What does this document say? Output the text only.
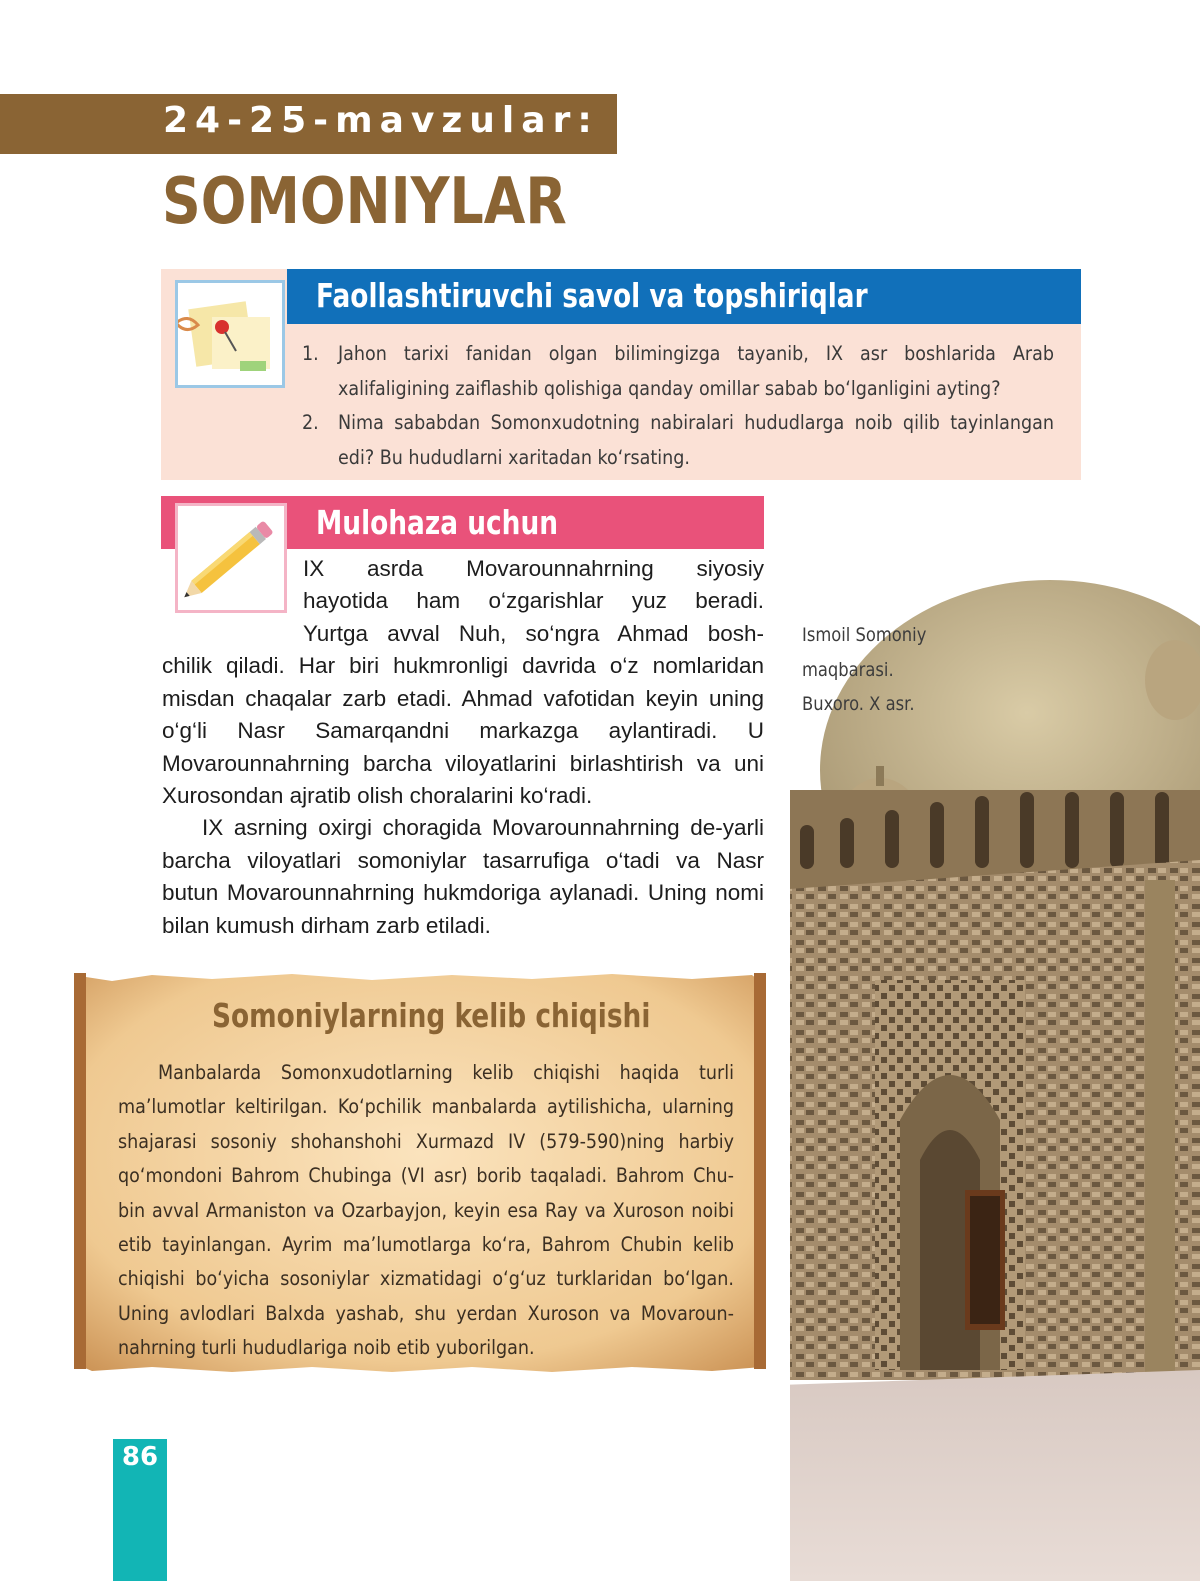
24-25-mavzular:
SOMONIYLAR
Faollashtiruvchi savol va topshiriqlar
1. Jahon tarixi fanidan olgan bilimingizga tayanib, IX asr boshlarida Arab xalifaligining zaiflashib qolishiga qanday omillar sabab bo‘lganligini ayting?
2. Nima sababdan Somonxudotning nabiralari hududlarga noib qilib tayinlangan edi? Bu hududlarni xaritadan ko‘rsating.
Mulohaza uchun
IX asrda Movarounnahrning siyosiy
hayotida ham o‘zgarishlar yuz beradi.
Yurtga avval Nuh, so‘ngra Ahmad bosh-
chilik qiladi. Har biri hukmronligi davrida o‘z nomlaridan misdan chaqalar zarb etadi. Ahmad vafotidan keyin uning o‘g‘li Nasr Samarqandni markazga aylantiradi. U Movarounnahrning barcha viloyatlarini birlashtirish va uni Xurosondan ajratib olish choralarini ko‘radi.
IX asrning oxirgi choragida Movarounnahrning de-yarli barcha viloyatlari somoniylar tasarrufiga o‘tadi va Nasr butun Movarounnahrning hukmdoriga aylanadi. Uning nomi bilan kumush dirham zarb etiladi.
Ismoil Somoniy
maqbarasi.
Buxoro. X asr.
Somoniylarning kelib chiqishi
Manbalarda Somonxudotlarning kelib chiqishi haqida turli ma’lumotlar keltirilgan. Ko‘pchilik manbalarda aytilishicha, ularning shajarasi sosoniy shohanshohi Xurmazd IV (579-590)ning harbiy qo‘mondoni Bahrom Chubinga (VI asr) borib taqaladi. Bahrom Chu-bin avval Armaniston va Ozarbayjon, keyin esa Ray va Xuroson noibi etib tayinlangan. Ayrim ma’lumotlarga ko‘ra, Bahrom Chubin kelib chiqishi bo‘yicha sosoniylar xizmatidagi o‘g‘uz turklaridan bo‘lgan. Uning avlodlari Balxda yashab, shu yerdan Xuroson va Movaroun-nahrning turli hududlariga noib etib yuborilgan.
86
